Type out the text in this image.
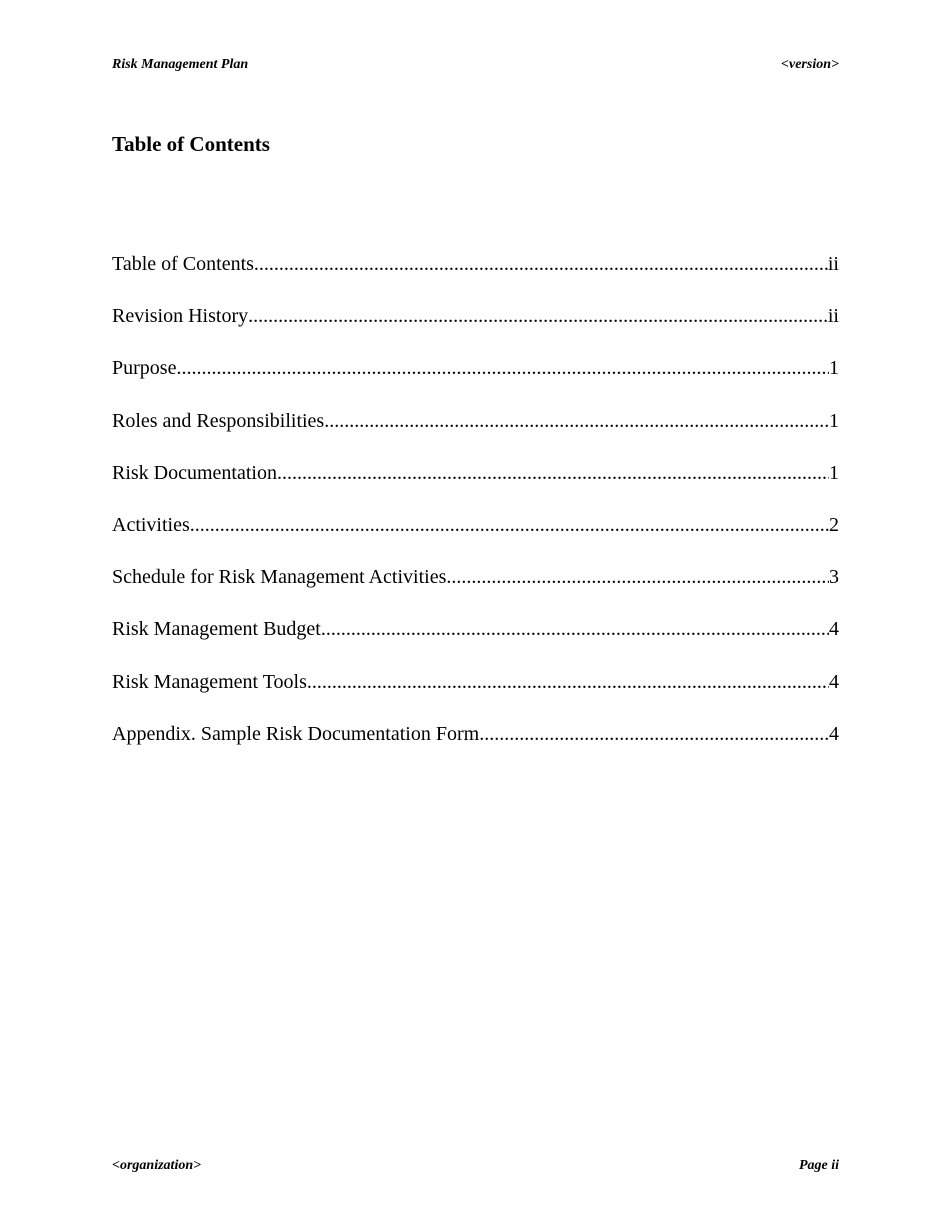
Risk Management Plan	<version>
Table of Contents
Table of Contents .....	ii
Revision History .....	ii
Purpose .....	1
Roles and Responsibilities .....	1
Risk Documentation .....	1
Activities .....	2
Schedule for Risk Management Activities .....	3
Risk Management Budget .....	4
Risk Management Tools .....	4
Appendix. Sample Risk Documentation Form .....	4
<organization>	Page ii
